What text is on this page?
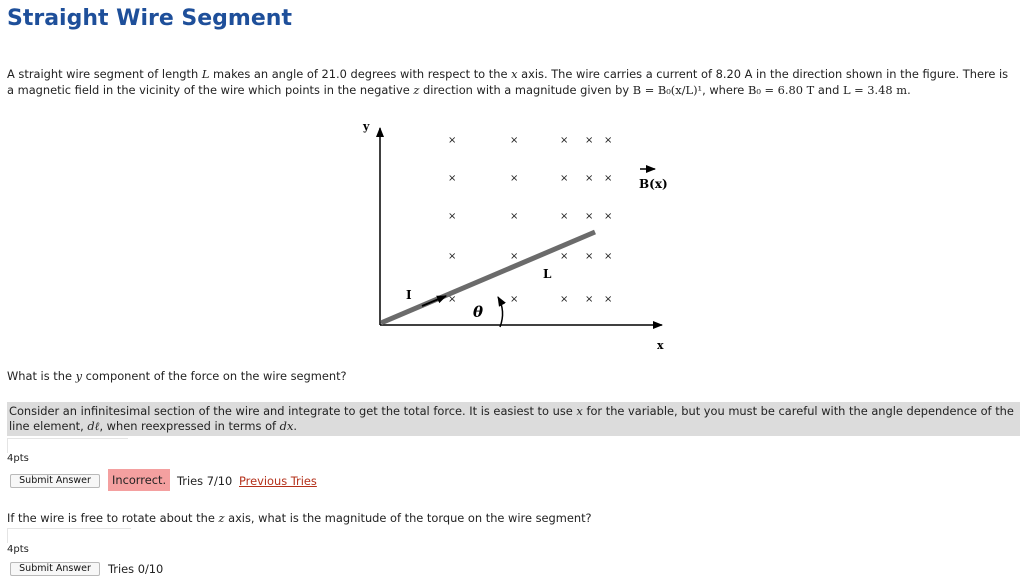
Straight Wire Segment
A straight wire segment of length L makes an angle of 21.0 degrees with respect to the x axis. The wire carries a current of 8.20 A in the direction shown in the figure. There is a magnetic field in the vicinity of the wire which points in the negative z direction with a magnitude given by B = B₀(x/L)¹, where B₀ = 6.80 T and L = 3.48 m.
y
x
×	×	× × ×
×	×	× × ×
×	×	× × ×
×	×	× × ×
×	×	× × ×
I
θ
L
B(x)
What is the y component of the force on the wire segment?
Consider an infinitesimal section of the wire and integrate to get the total force. It is easiest to use x for the variable, but you must be careful with the angle dependence of the line element, dℓ, when reexpressed in terms of dx.
4pts
Submit Answer	Incorrect. Tries 7/10 Previous Tries
If the wire is free to rotate about the z axis, what is the magnitude of the torque on the wire segment?
4pts
Submit Answer	Tries 0/10
